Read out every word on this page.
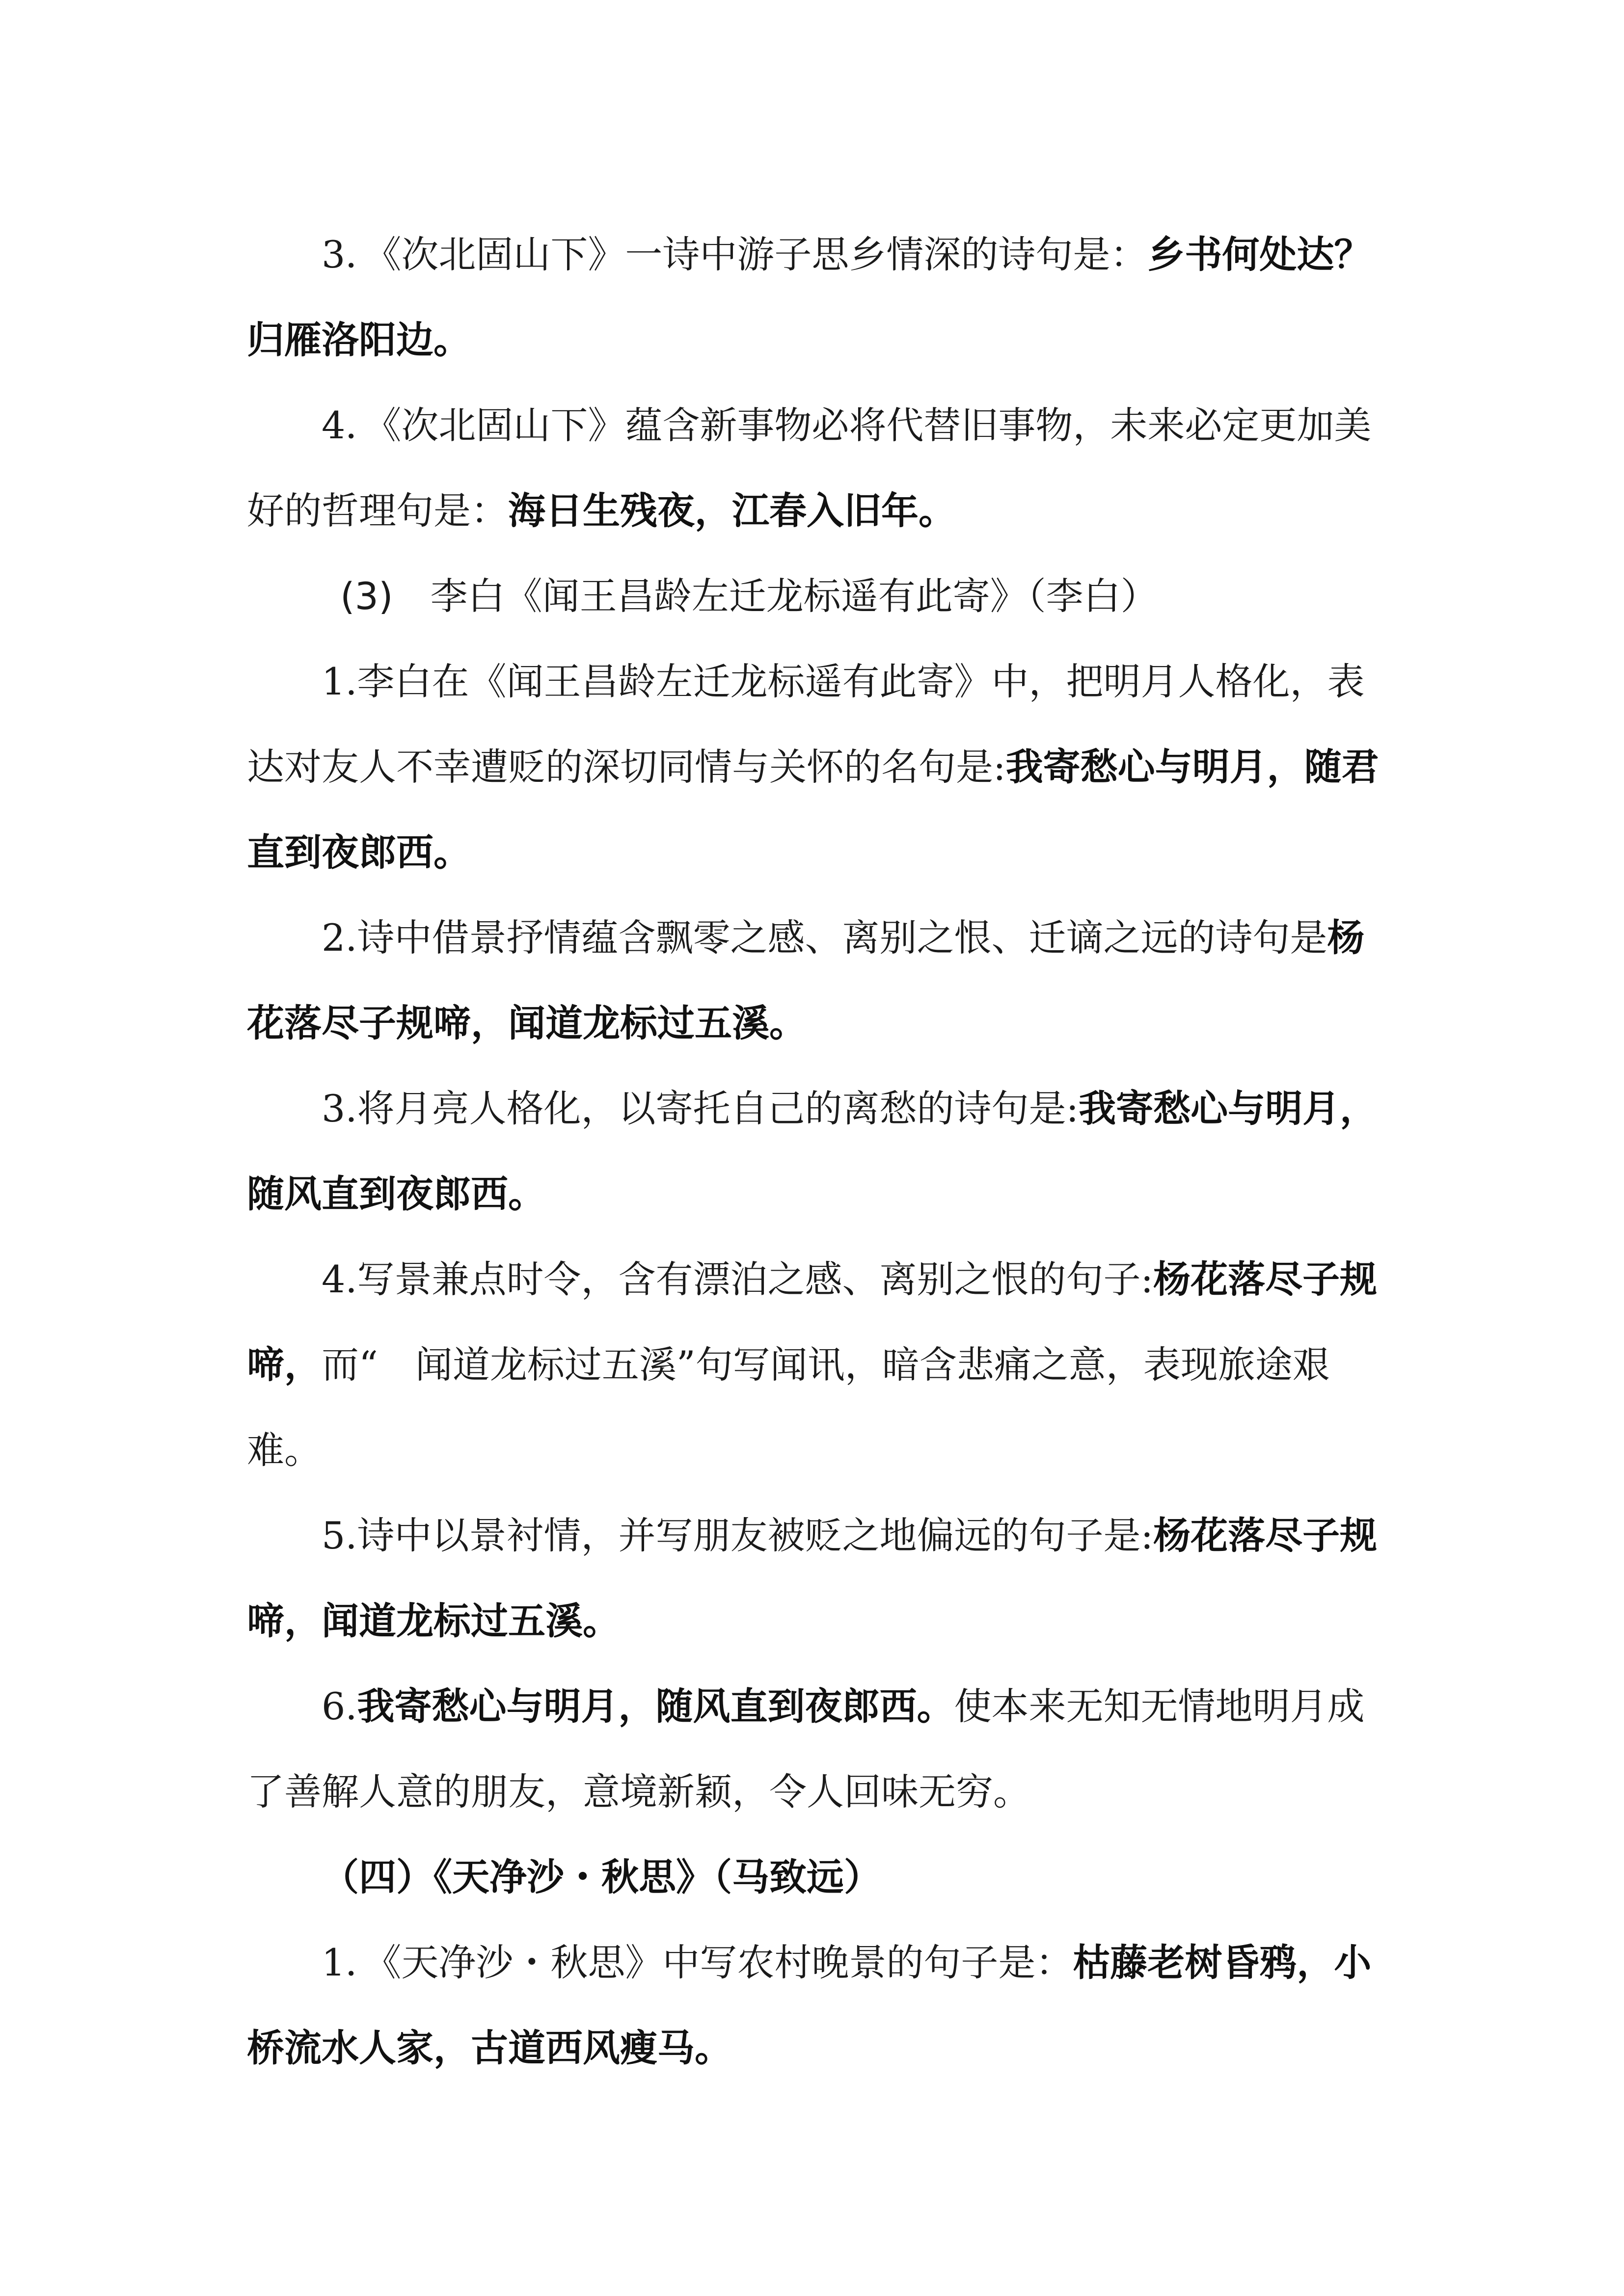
3．《次北固山下》一诗中游子思乡情深的诗句是：乡书何处达？归雁洛阳边。

4．《次北固山下》蕴含新事物必将代替旧事物，未来必定更加美好的哲理句是：海日生残夜，江春入旧年。

(3)　 李白《闻王昌龄左迁龙标遥有此寄》（李白）

1.李白在《闻王昌龄左迁龙标遥有此寄》中，把明月人格化，表达对友人不幸遭贬的深切同情与关怀的名句是:我寄愁心与明月，随君直到夜郎西。

2.诗中借景抒情蕴含飘零之感、离别之恨、迁谪之远的诗句是杨花落尽子规啼，闻道龙标过五溪。

3.将月亮人格化，以寄托自己的离愁的诗句是:我寄愁心与明月，随风直到夜郎西。

4.写景兼点时令，含有漂泊之感、离别之恨的句子:杨花落尽子规啼，而“　闻道龙标过五溪”句写闻讯，暗含悲痛之意，表现旅途艰难。

5.诗中以景衬情，并写朋友被贬之地偏远的句子是:杨花落尽子规啼，闻道龙标过五溪。

6.我寄愁心与明月，随风直到夜郎西。使本来无知无情地明月成了善解人意的朋友，意境新颖，令人回味无穷。

（四）《天净沙・秋思》（马致远）

1．《天净沙・秋思》中写农村晚景的句子是：枯藤老树昏鸦，小桥流水人家，古道西风瘦马。
